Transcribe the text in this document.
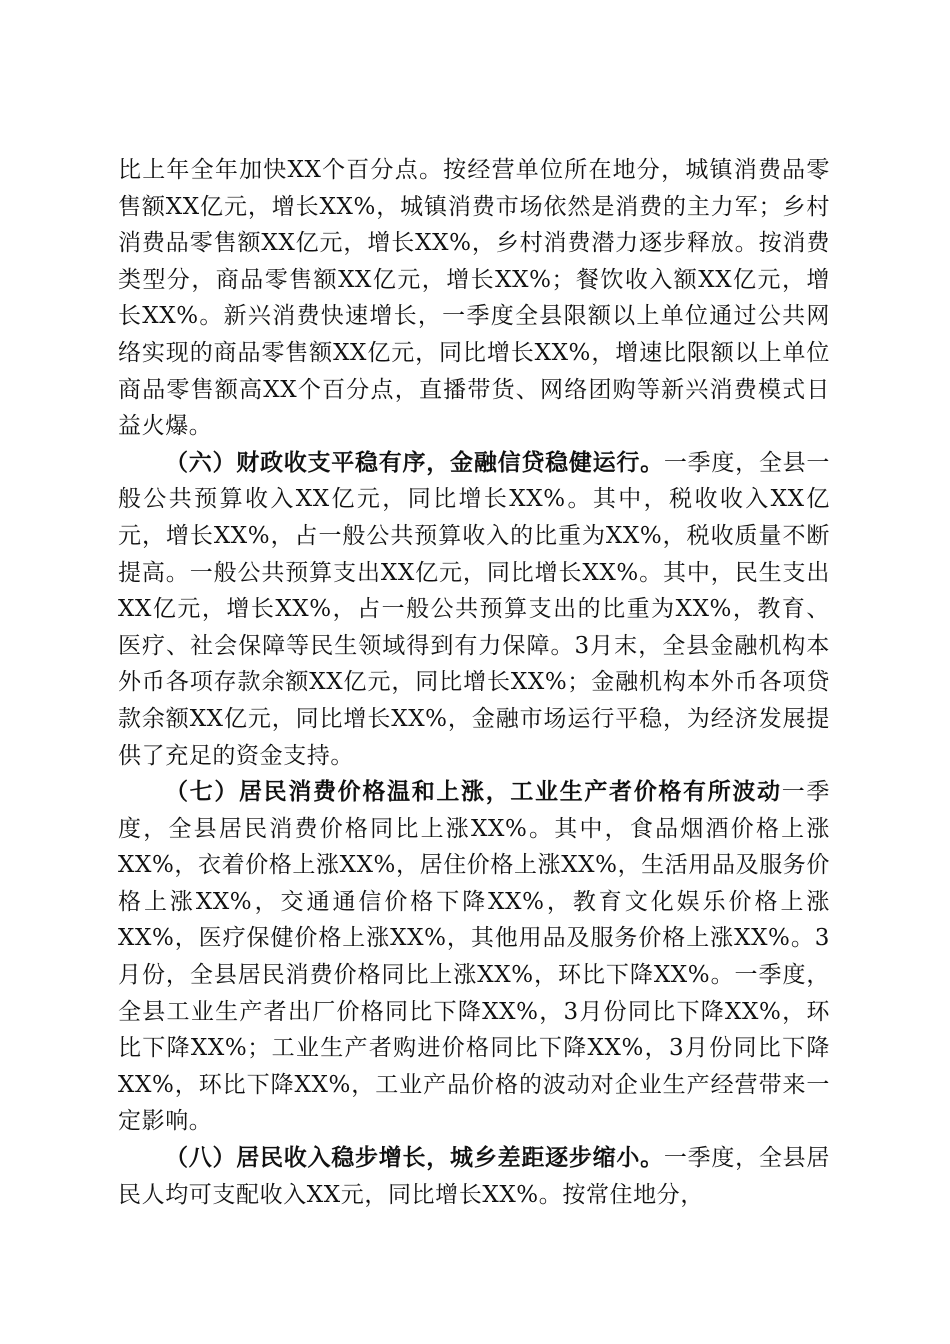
比上年全年加快XX个百分点。按经营单位所在地分，城镇消费品零售额XX亿元，增长XX%，城镇消费市场依然是消费的主力军；乡村消费品零售额XX亿元，增长XX%，乡村消费潜力逐步释放。按消费类型分，商品零售额XX亿元，增长XX%；餐饮收入额XX亿元，增长XX%。新兴消费快速增长，一季度全县限额以上单位通过公共网络实现的商品零售额XX亿元，同比增长XX%，增速比限额以上单位商品零售额高XX个百分点，直播带货、网络团购等新兴消费模式日益火爆。

（六）财政收支平稳有序，金融信贷稳健运行。一季度，全县一般公共预算收入XX亿元，同比增长XX%。其中，税收收入XX亿元，增长XX%，占一般公共预算收入的比重为XX%，税收质量不断提高。一般公共预算支出XX亿元，同比增长XX%。其中，民生支出XX亿元，增长XX%，占一般公共预算支出的比重为XX%，教育、医疗、社会保障等民生领域得到有力保障。3月末，全县金融机构本外币各项存款余额XX亿元，同比增长XX%；金融机构本外币各项贷款余额XX亿元，同比增长XX%，金融市场运行平稳，为经济发展提供了充足的资金支持。

（七）居民消费价格温和上涨，工业生产者价格有所波动一季度，全县居民消费价格同比上涨XX%。其中，食品烟酒价格上涨XX%，衣着价格上涨XX%，居住价格上涨XX%，生活用品及服务价格上涨XX%，交通通信价格下降XX%，教育文化娱乐价格上涨XX%，医疗保健价格上涨XX%，其他用品及服务价格上涨XX%。3月份，全县居民消费价格同比上涨XX%，环比下降XX%。一季度，全县工业生产者出厂价格同比下降XX%，3月份同比下降XX%，环比下降XX%；工业生产者购进价格同比下降XX%，3月份同比下降XX%，环比下降XX%，工业产品价格的波动对企业生产经营带来一定影响。

（八）居民收入稳步增长，城乡差距逐步缩小。一季度，全县居民人均可支配收入XX元，同比增长XX%。按常住地分，
